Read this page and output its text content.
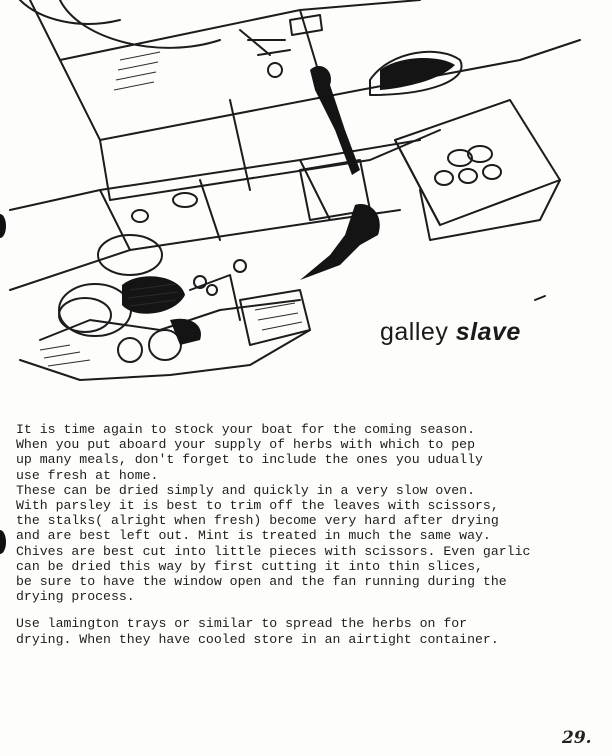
galley slave

It is time again to stock your boat for the coming season.

When you put aboard your supply of herbs with which to pep

up many meals, don't forget to include the ones you udually

use fresh at home.

These can be dried simply and quickly in a very slow oven.

With parsley it is best to trim off the leaves with scissors,

the stalks( alright when fresh) become very hard after drying

and are best left out. Mint is treated in much the same way.

Chives are best cut into little pieces with scissors. Even garlic

can be dried this way by first cutting it into thin slices,

be sure to have the window open and the fan running during the

drying process.

Use lamington trays or similar to spread the herbs on for

drying. When they have cooled store in an airtight container.

29.
